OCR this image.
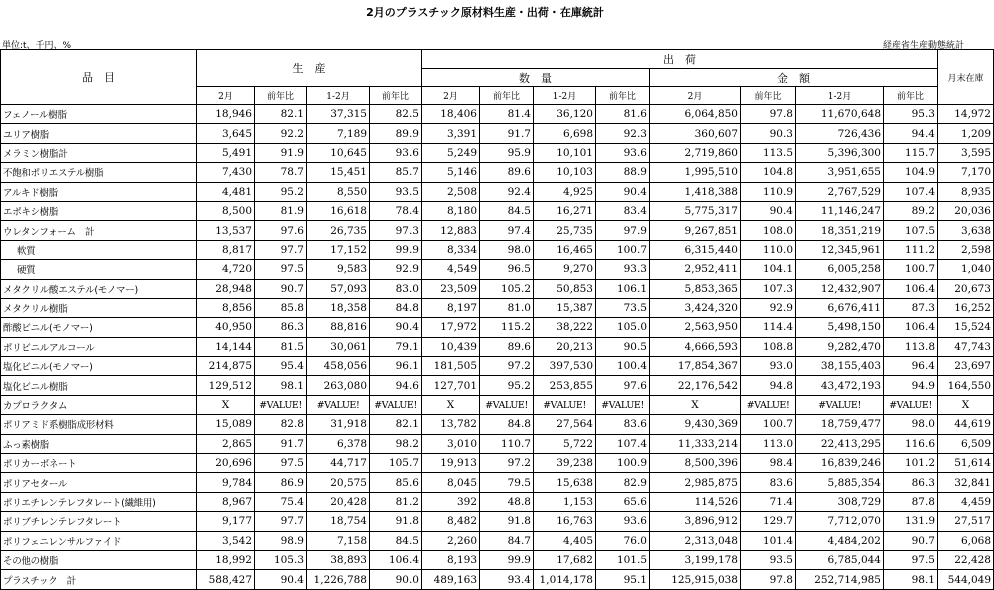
2月のプラスチック原材料生産・出荷・在庫統計
単位:t、千円、%	経産省生産動態統計
品　目	生　産				出　荷								月末在庫
					数　量				金　額				
	2月	前年比	1-2月	前年比	2月	前年比	1-2月	前年比	2月	前年比	1-2月	前年比	
フェノール樹脂	18,946	82.1	37,315	82.5	18,406	81.4	36,120	81.6	6,064,850	97.8	11,670,648	95.3	14,972
ユリア樹脂	3,645	92.2	7,189	89.9	3,391	91.7	6,698	92.3	360,607	90.3	726,436	94.4	1,209
メラミン樹脂計	5,491	91.9	10,645	93.6	5,249	95.9	10,101	93.6	2,719,860	113.5	5,396,300	115.7	3,595
不飽和ポリエステル樹脂	7,430	78.7	15,451	85.7	5,146	89.6	10,103	88.9	1,995,510	104.8	3,951,655	104.9	7,170
アルキド樹脂	4,481	95.2	8,550	93.5	2,508	92.4	4,925	90.4	1,418,388	110.9	2,767,529	107.4	8,935
エポキシ樹脂	8,500	81.9	16,618	78.4	8,180	84.5	16,271	83.4	5,775,317	90.4	11,146,247	89.2	20,036
ウレタンフォーム　計	13,537	97.6	26,735	97.3	12,883	97.4	25,735	97.9	9,267,851	108.0	18,351,219	107.5	3,638
軟質	8,817	97.7	17,152	99.9	8,334	98.0	16,465	100.7	6,315,440	110.0	12,345,961	111.2	2,598
硬質	4,720	97.5	9,583	92.9	4,549	96.5	9,270	93.3	2,952,411	104.1	6,005,258	100.7	1,040
メタクリル酸エステル(モノマー)	28,948	90.7	57,093	83.0	23,509	105.2	50,853	106.1	5,853,365	107.3	12,432,907	106.4	20,673
メタクリル樹脂	8,856	85.8	18,358	84.8	8,197	81.0	15,387	73.5	3,424,320	92.9	6,676,411	87.3	16,252
酢酸ビニル(モノマー)	40,950	86.3	88,816	90.4	17,972	115.2	38,222	105.0	2,563,950	114.4	5,498,150	106.4	15,524
ポリビニルアルコール	14,144	81.5	30,061	79.1	10,439	89.6	20,213	90.5	4,666,593	108.8	9,282,470	113.8	47,743
塩化ビニル(モノマー)	214,875	95.4	458,056	96.1	181,505	97.2	397,530	100.4	17,854,367	93.0	38,155,403	96.4	23,697
塩化ビニル樹脂	129,512	98.1	263,080	94.6	127,701	95.2	253,855	97.6	22,176,542	94.8	43,472,193	94.9	164,550
カプロラクタム	X	#VALUE!	#VALUE!	#VALUE!	X	#VALUE!	#VALUE!	#VALUE!	X	#VALUE!	#VALUE!	#VALUE!	X
ポリアミド系樹脂成形材料	15,089	82.8	31,918	82.1	13,782	84.8	27,564	83.6	9,430,369	100.7	18,759,477	98.0	44,619
ふっ素樹脂	2,865	91.7	6,378	98.2	3,010	110.7	5,722	107.4	11,333,214	113.0	22,413,295	116.6	6,509
ポリカーボネート	20,696	97.5	44,717	105.7	19,913	97.2	39,238	100.9	8,500,396	98.4	16,839,246	101.2	51,614
ポリアセタール	9,784	86.9	20,575	85.6	8,045	79.5	15,638	82.9	2,985,875	83.6	5,885,354	86.3	32,841
ポリエチレンテレフタレート(繊維用)	8,967	75.4	20,428	81.2	392	48.8	1,153	65.6	114,526	71.4	308,729	87.8	4,459
ポリブチレンテレフタレート	9,177	97.7	18,754	91.8	8,482	91.8	16,763	93.6	3,896,912	129.7	7,712,070	131.9	27,517
ポリフェニレンサルファイド	3,542	98.9	7,158	84.5	2,260	84.7	4,405	76.0	2,313,048	101.4	4,484,202	90.7	6,068
その他の樹脂	18,992	105.3	38,893	106.4	8,193	99.9	17,682	101.5	3,199,178	93.5	6,785,044	97.5	22,428
プラスチック　計	588,427	90.4	1,226,788	90.0	489,163	93.4	1,014,178	95.1	125,915,038	97.8	252,714,985	98.1	544,049
